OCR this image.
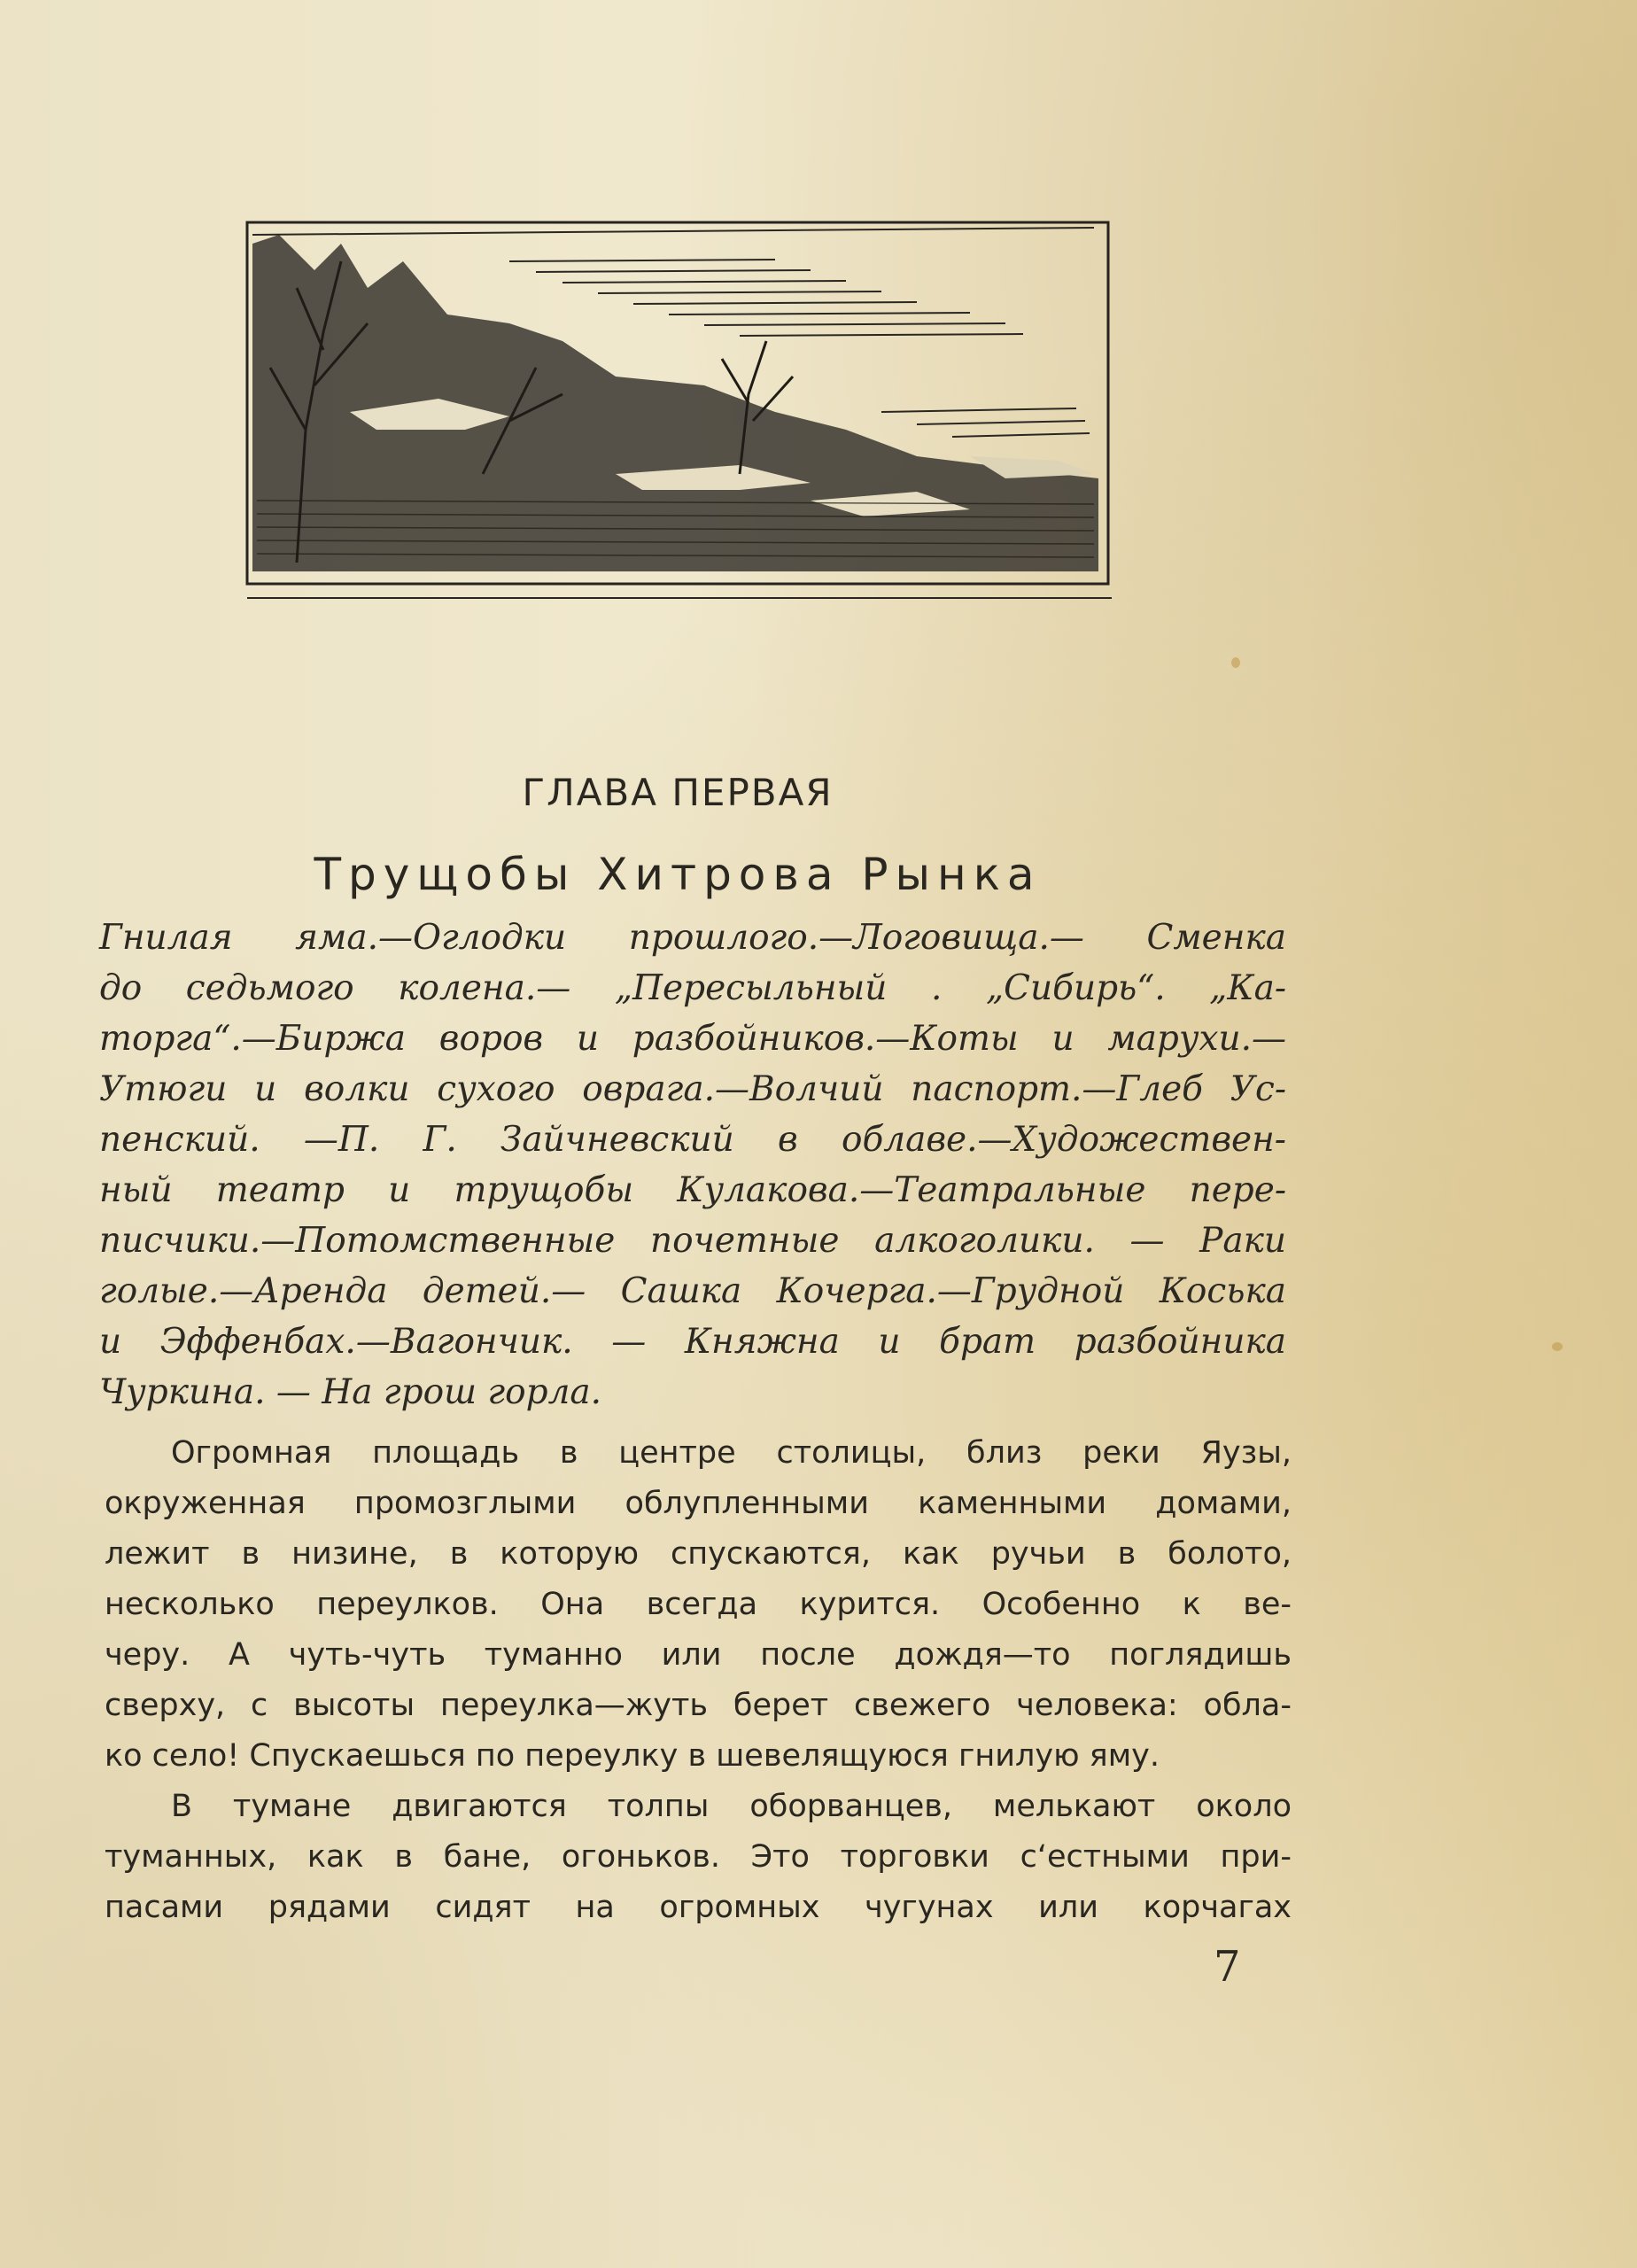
ГЛАВА ПЕРВАЯ
Трущобы Хитрова Рынка
Гнилая яма.—Оглодки прошлого.—Логовища.— Сменка
до седьмого колена.— „Пересыльный . „Сибирь“. „Ка-
торга“.—Биржа воров и разбойников.—Коты и марухи.—
Утюги и волки сухого оврага.—Волчий паспорт.—Глеб Ус-
пенский. —П. Г. Зайчневский в облаве.—Художествен-
ный театр и трущобы Кулакова.—Театральные пере-
писчики.—Потомственные почетные алкоголики. — Раки
голые.—Аренда детей.— Сашка Кочерга.—Грудной Коська
и Эффенбах.—Вагончик. — Княжна и брат разбойника
Чуркина. — На грош горла.
Огромная площадь в центре столицы, близ реки Яузы,
окруженная промозглыми облупленными каменными домами,
лежит в низине, в которую спускаются, как ручьи в болото,
несколько переулков. Она всегда курится. Особенно к ве-
черу. А чуть-чуть туманно или после дождя—то поглядишь
сверху, с высоты переулка—жуть берет свежего человека: обла-
ко село! Спускаешься по переулку в шевелящуюся гнилую яму.
В тумане двигаются толпы оборванцев, мелькают около
туманных, как в бане, огоньков. Это торговки с‘естными при-
пасами рядами сидят на огромных чугунах или корчагах
7
